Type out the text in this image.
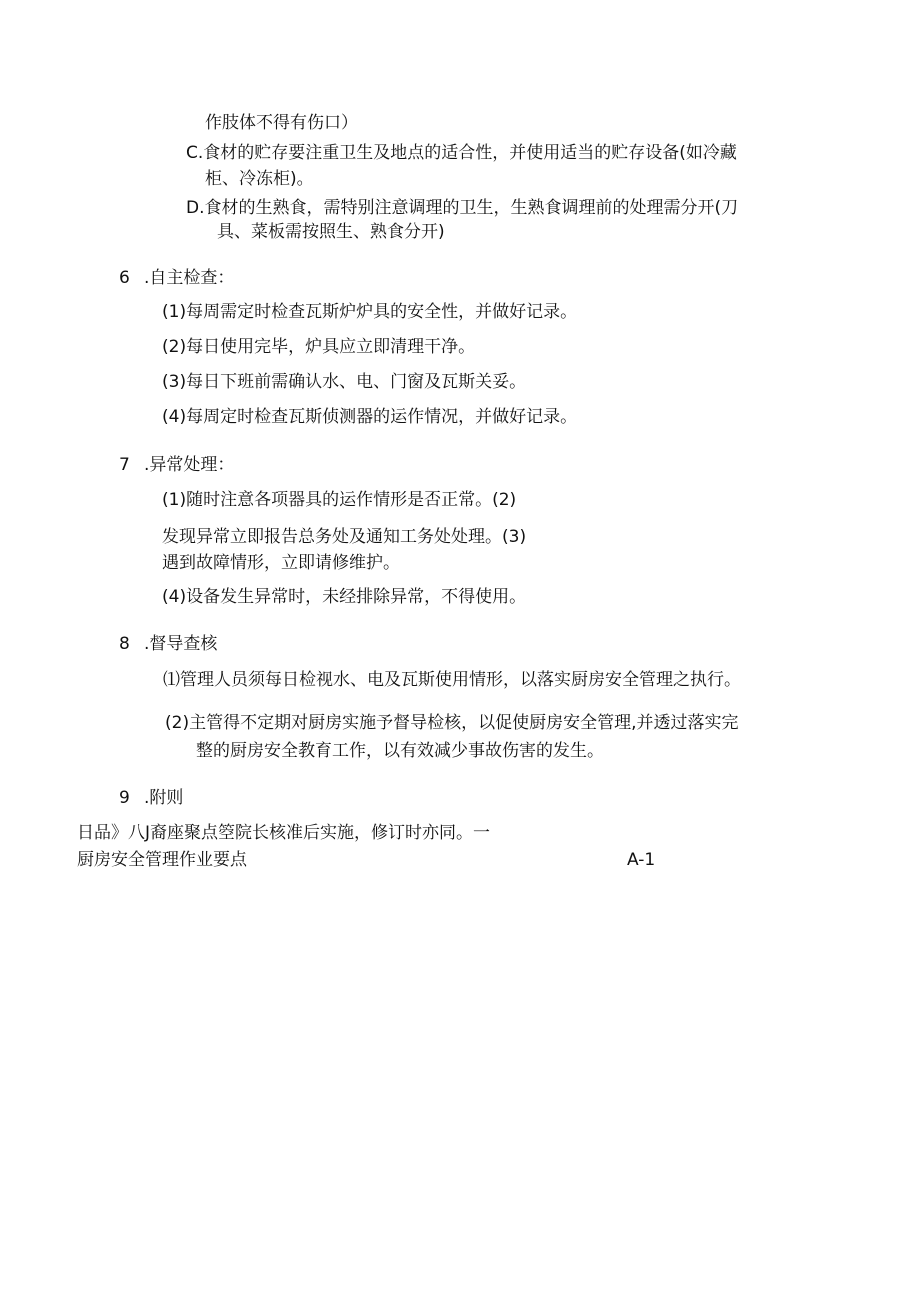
作肢体不得有伤口）
C.食材的贮存要注重卫生及地点的适合性，并使用适当的贮存设备(如冷藏
柜、冷冻柜)。
D.食材的生熟食，需特别注意调理的卫生，生熟食调理前的处理需分开(刀
具、菜板需按照生、熟食分开)
6 .自主检查：
(1)每周需定时检查瓦斯炉炉具的安全性，并做好记录。
(2)每日使用完毕，炉具应立即清理干净。
(3)每日下班前需确认水、电、门窗及瓦斯关妥。
(4)每周定时检查瓦斯侦测器的运作情况，并做好记录。
7 .异常处理：
(1)随时注意各项器具的运作情形是否正常。(2)
发现异常立即报告总务处及通知工务处处理。(3)
遇到故障情形，立即请修维护。
(4)设备发生异常时，未经排除异常，不得使用。
8 .督导查核
⑴管理人员须每日检视水、电及瓦斯使用情形，以落实厨房安全管理之执行。
(2)主管得不定期对厨房实施予督导检核，以促使厨房安全管理,并透过落实完
整的厨房安全教育工作，以有效减少事故伤害的发生。
9 .附则
日品》八J裔座聚点箜院长核准后实施，修订时亦同。一
厨房安全管理作业要点	A-1
